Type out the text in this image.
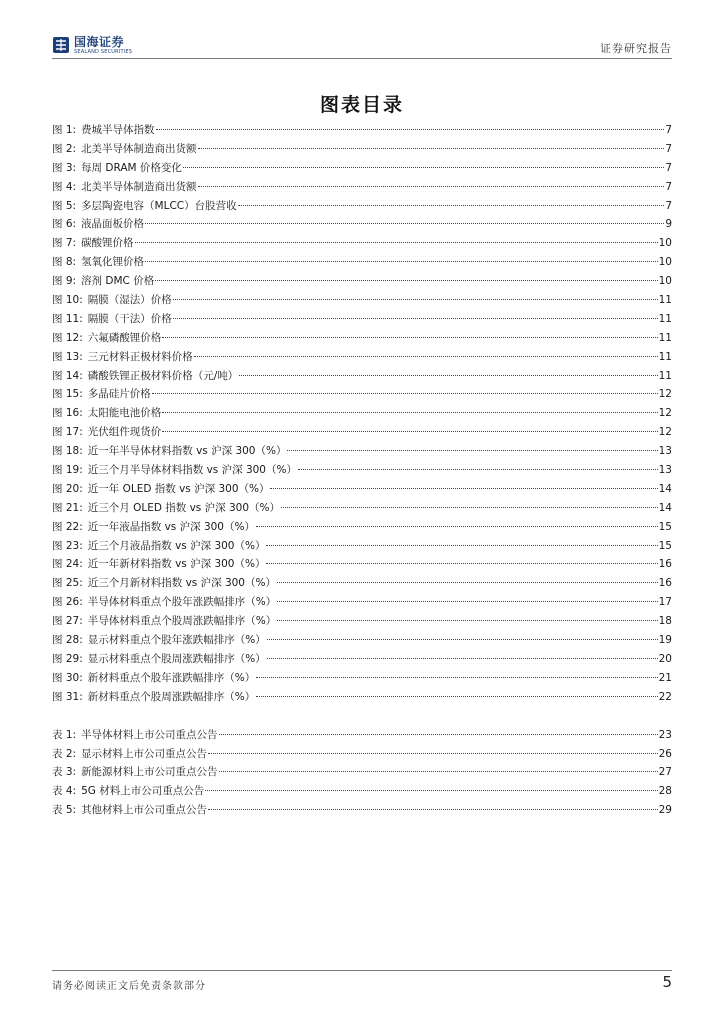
国海证券
SEALAND SECURITIES	证券研究报告
图表目录
图 1: 费城半导体指数	7
图 2: 北美半导体制造商出货额	7
图 3: 每周 DRAM 价格变化	7
图 4: 北美半导体制造商出货额	7
图 5: 多层陶瓷电容（MLCC）台股营收	7
图 6: 液晶面板价格	9
图 7: 碳酸锂价格	10
图 8: 氢氧化锂价格	10
图 9: 溶剂 DMC 价格	10
图 10: 隔膜（湿法）价格	11
图 11: 隔膜（干法）价格	11
图 12: 六氟磷酸锂价格	11
图 13: 三元材料正极材料价格	11
图 14: 磷酸铁锂正极材料价格（元/吨）	11
图 15: 多晶硅片价格	12
图 16: 太阳能电池价格	12
图 17: 光伏组件现货价	12
图 18: 近一年半导体材料指数 vs 沪深 300（%）	13
图 19: 近三个月半导体材料指数 vs 沪深 300（%）	13
图 20: 近一年 OLED 指数 vs 沪深 300（%）	14
图 21: 近三个月 OLED 指数 vs 沪深 300（%）	14
图 22: 近一年液晶指数 vs 沪深 300（%）	15
图 23: 近三个月液晶指数 vs 沪深 300（%）	15
图 24: 近一年新材料指数 vs 沪深 300（%）	16
图 25: 近三个月新材料指数 vs 沪深 300（%）	16
图 26: 半导体材料重点个股年涨跌幅排序（%）	17
图 27: 半导体材料重点个股周涨跌幅排序（%）	18
图 28: 显示材料重点个股年涨跌幅排序（%）	19
图 29: 显示材料重点个股周涨跌幅排序（%）	20
图 30: 新材料重点个股年涨跌幅排序（%）	21
图 31: 新材料重点个股周涨跌幅排序（%）	22
表 1: 半导体材料上市公司重点公告	23
表 2: 显示材料上市公司重点公告	26
表 3: 新能源材料上市公司重点公告	27
表 4: 5G 材料上市公司重点公告	28
表 5: 其他材料上市公司重点公告	29
请务必阅读正文后免责条款部分	5
